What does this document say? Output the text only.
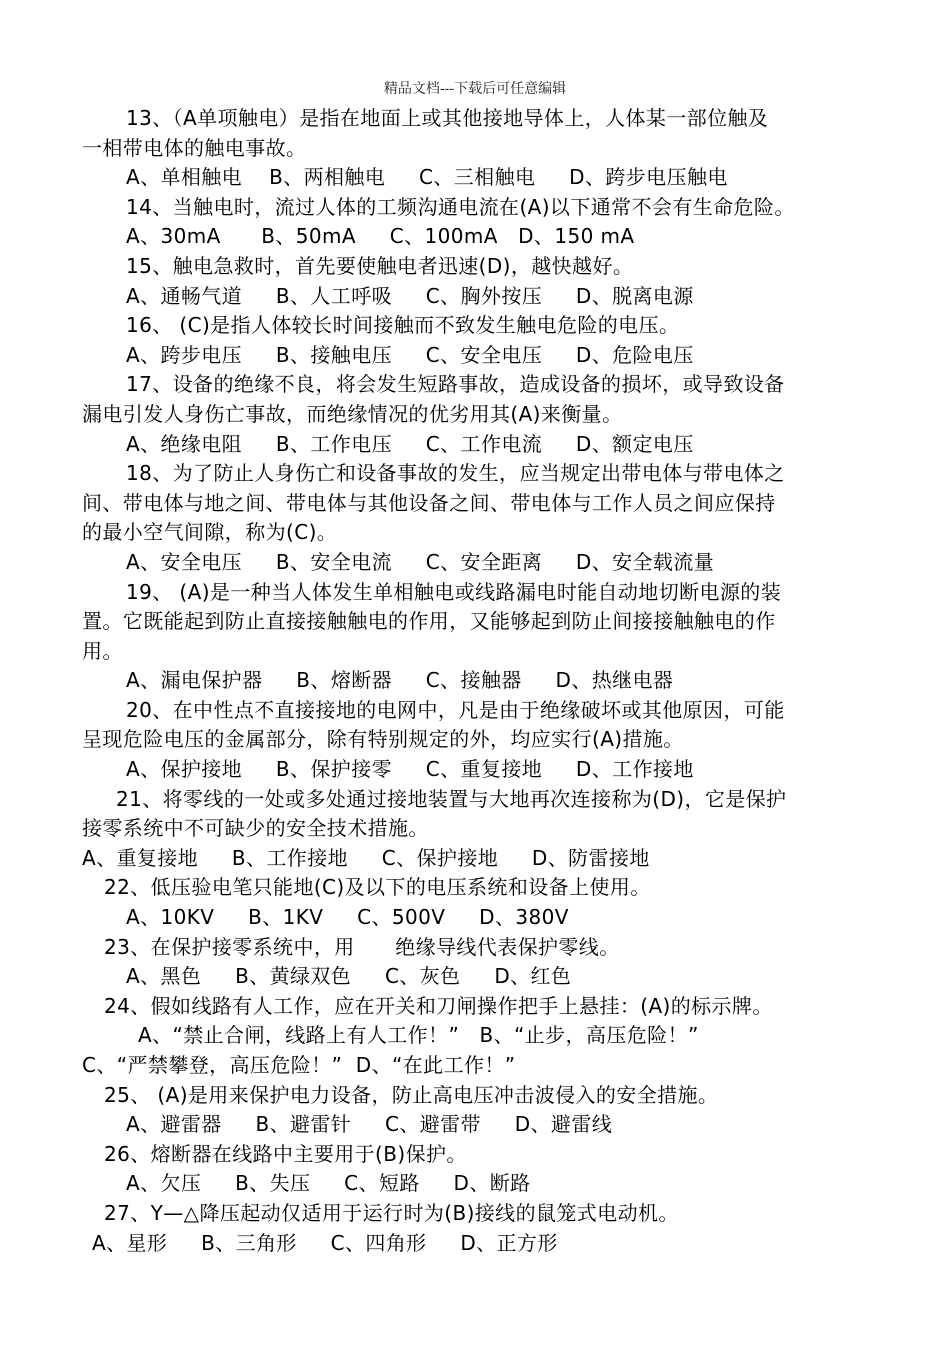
精品文档---下载后可任意编辑
13、（A单项触电）是指在地面上或其他接地导体上，人体某一部位触及
一相带电体的触电事故。
A、单相触电    B、两相触电     C、三相触电     D、跨步电压触电
14、当触电时，流过人体的工频沟通电流在(A)以下通常不会有生命危险。
A、30mA      B、50mA     C、100mA   D、150 mA
15、触电急救时，首先要使触电者迅速(D)，越快越好。
A、通畅气道     B、人工呼吸     C、胸外按压     D、脱离电源
16、 (C)是指人体较长时间接触而不致发生触电危险的电压。
A、跨步电压     B、接触电压     C、安全电压     D、危险电压
17、设备的绝缘不良，将会发生短路事故，造成设备的损坏，或导致设备
漏电引发人身伤亡事故，而绝缘情况的优劣用其(A)来衡量。
A、绝缘电阻     B、工作电压     C、工作电流     D、额定电压
18、为了防止人身伤亡和设备事故的发生，应当规定出带电体与带电体之
间、带电体与地之间、带电体与其他设备之间、带电体与工作人员之间应保持
的最小空气间隙，称为(C)。
A、安全电压     B、安全电流     C、安全距离     D、安全载流量
19、 (A)是一种当人体发生单相触电或线路漏电时能自动地切断电源的装
置。它既能起到防止直接接触触电的作用，又能够起到防止间接接触触电的作
用。
A、漏电保护器     B、熔断器     C、接触器     D、热继电器
20、在中性点不直接接地的电网中，凡是由于绝缘破坏或其他原因，可能
呈现危险电压的金属部分，除有特别规定的外，均应实行(A)措施。
A、保护接地     B、保护接零     C、重复接地     D、工作接地
21、将零线的一处或多处通过接地装置与大地再次连接称为(D)，它是保护
接零系统中不可缺少的安全技术措施。
A、重复接地     B、工作接地     C、保护接地     D、防雷接地
22、低压验电笔只能地(C)及以下的电压系统和设备上使用。
A、10KV     B、1KV     C、500V     D、380V
23、在保护接零系统中，用      绝缘导线代表保护零线。
A、黑色     B、黄绿双色     C、灰色     D、红色
24、假如线路有人工作，应在开关和刀闸操作把手上悬挂：(A)的标示牌。
A、“禁止合闸，线路上有人工作！”   B、“止步，高压危险！”
C、“严禁攀登，高压危险！”  D、“在此工作！”
25、 (A)是用来保护电力设备，防止高电压冲击波侵入的安全措施。
A、避雷器     B、避雷针     C、避雷带     D、避雷线
26、熔断器在线路中主要用于(B)保护。
A、欠压     B、失压     C、短路     D、断路
27、Y—△降压起动仅适用于运行时为(B)接线的鼠笼式电动机。
A、星形     B、三角形     C、四角形     D、正方形
